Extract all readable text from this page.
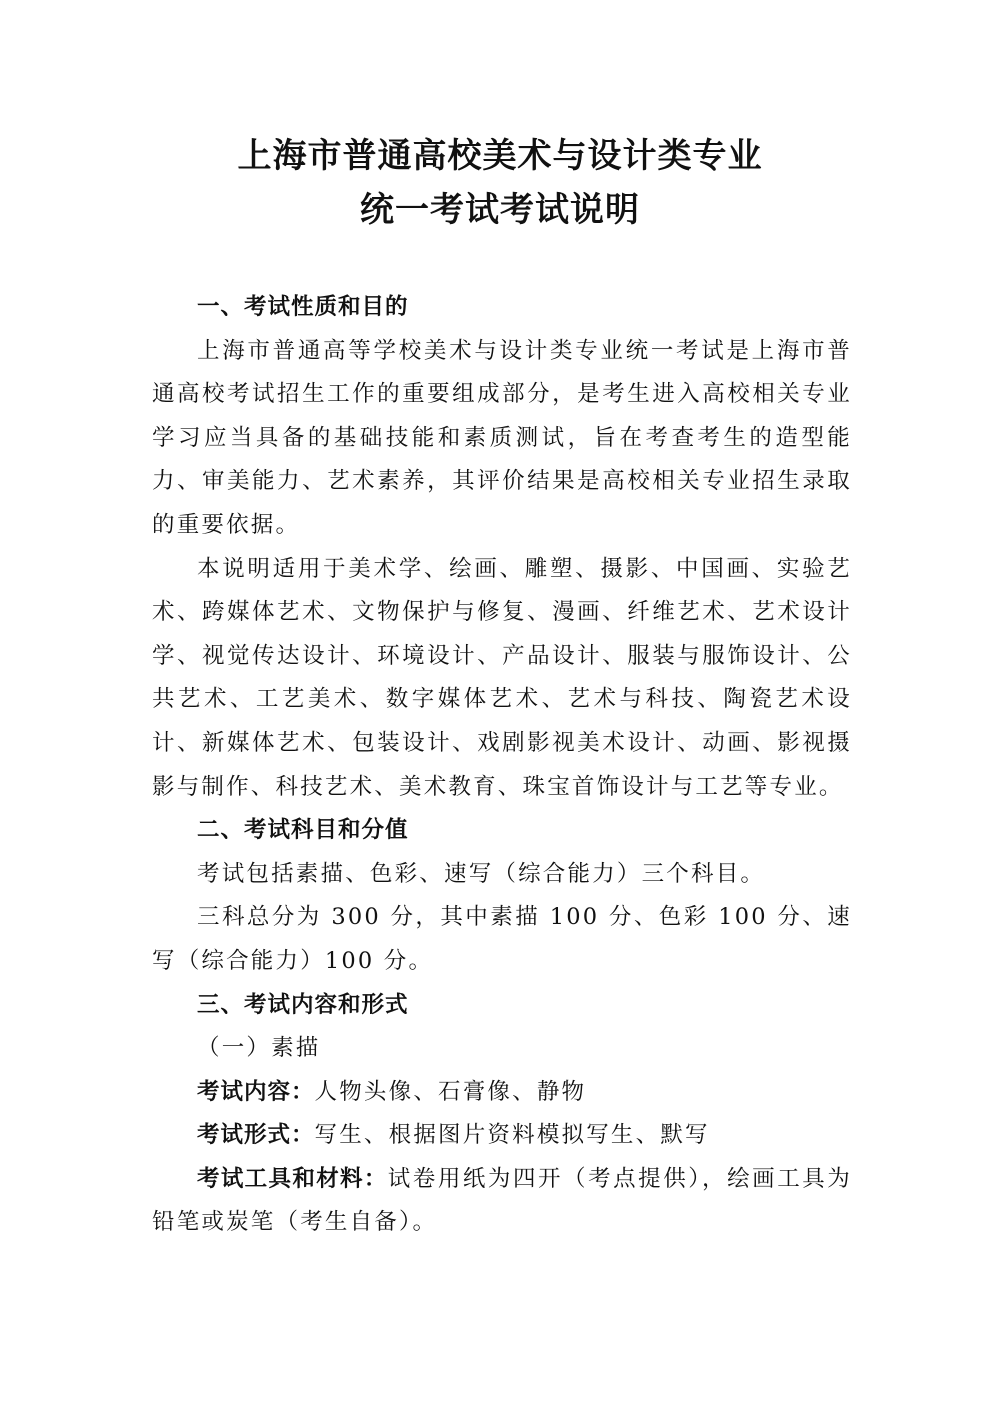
上海市普通高校美术与设计类专业
统一考试考试说明

一、考试性质和目的

上海市普通高等学校美术与设计类专业统一考试是上海市普通高校考试招生工作的重要组成部分，是考生进入高校相关专业学习应当具备的基础技能和素质测试，旨在考查考生的造型能力、审美能力、艺术素养，其评价结果是高校相关专业招生录取的重要依据。

本说明适用于美术学、绘画、雕塑、摄影、中国画、实验艺术、跨媒体艺术、文物保护与修复、漫画、纤维艺术、艺术设计学、视觉传达设计、环境设计、产品设计、服装与服饰设计、公共艺术、工艺美术、数字媒体艺术、艺术与科技、陶瓷艺术设计、新媒体艺术、包装设计、戏剧影视美术设计、动画、影视摄影与制作、科技艺术、美术教育、珠宝首饰设计与工艺等专业。

二、考试科目和分值

考试包括素描、色彩、速写（综合能力）三个科目。

三科总分为 300 分，其中素描 100 分、色彩 100 分、速写（综合能力）100 分。

三、考试内容和形式

（一）素描

考试内容：人物头像、石膏像、静物

考试形式：写生、根据图片资料模拟写生、默写

考试工具和材料：试卷用纸为四开（考点提供），绘画工具为铅笔或炭笔（考生自备）。
